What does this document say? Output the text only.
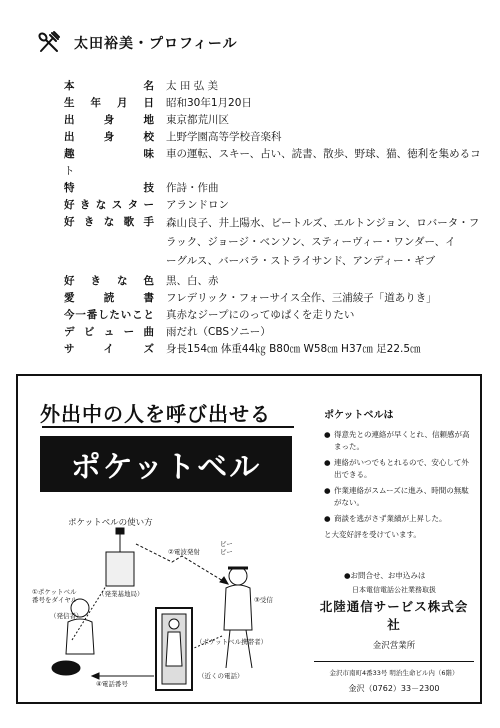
太田裕美・プロフィール
本名 太 田 弘 美
生年月日 昭和30年1月20日
出身地 東京都荒川区
出身校 上野学園高等学校音楽科
趣味 車の運転、スキー、占い、読書、散歩、野球、猫、徳利を集めるコト
特技 作詩・作曲
好きなスター アランドロン
好きな歌手 森山良子、井上陽水、ビートルズ、エルトンジョン、ロバータ・フ
ラック、ジョージ・ベンソン、スティーヴィー・ワンダー、イ
ーグルス、バーバラ・ストライサンド、アンディー・ギブ
好きな色 黒、白、赤
愛読書 フレデリック・フォーサイス全作、三浦綾子「道ありき」
今一番したいこと 真赤なジープにのってゆぱくを走りたい
デビュー曲 雨だれ（CBSソニー）
サイズ 身長154㎝ 体重44㎏ B80㎝ W58㎝ H37㎝ 足22.5㎝
外出中の人を呼び出せる
ポケットベル
ポケットベルの使い方
①ポケットベル
番号をダイヤル
（発業基地局）
（発信者）
②電波発射
ピー
ピー
③受信
（ポケットベル携帯者）
④電話番号
（近くの電話）
ポケットベルは
● 得意先との連絡が早くとれ、信頼感が高まった。
● 連絡がいつでもとれるので、安心して外出できる。
● 作業連絡がスムーズに進み、時間の無駄がない。
● 商談を逃がさず業績が上昇した。
と大変好評を受けています。
●お問合せ、お申込みは
日本電信電話公社業務取扱
北陸通信サービス株式会社
金沢営業所
金沢市南町4番33号 明治生命ビル内（6階）
金沢（0762）33－2300
